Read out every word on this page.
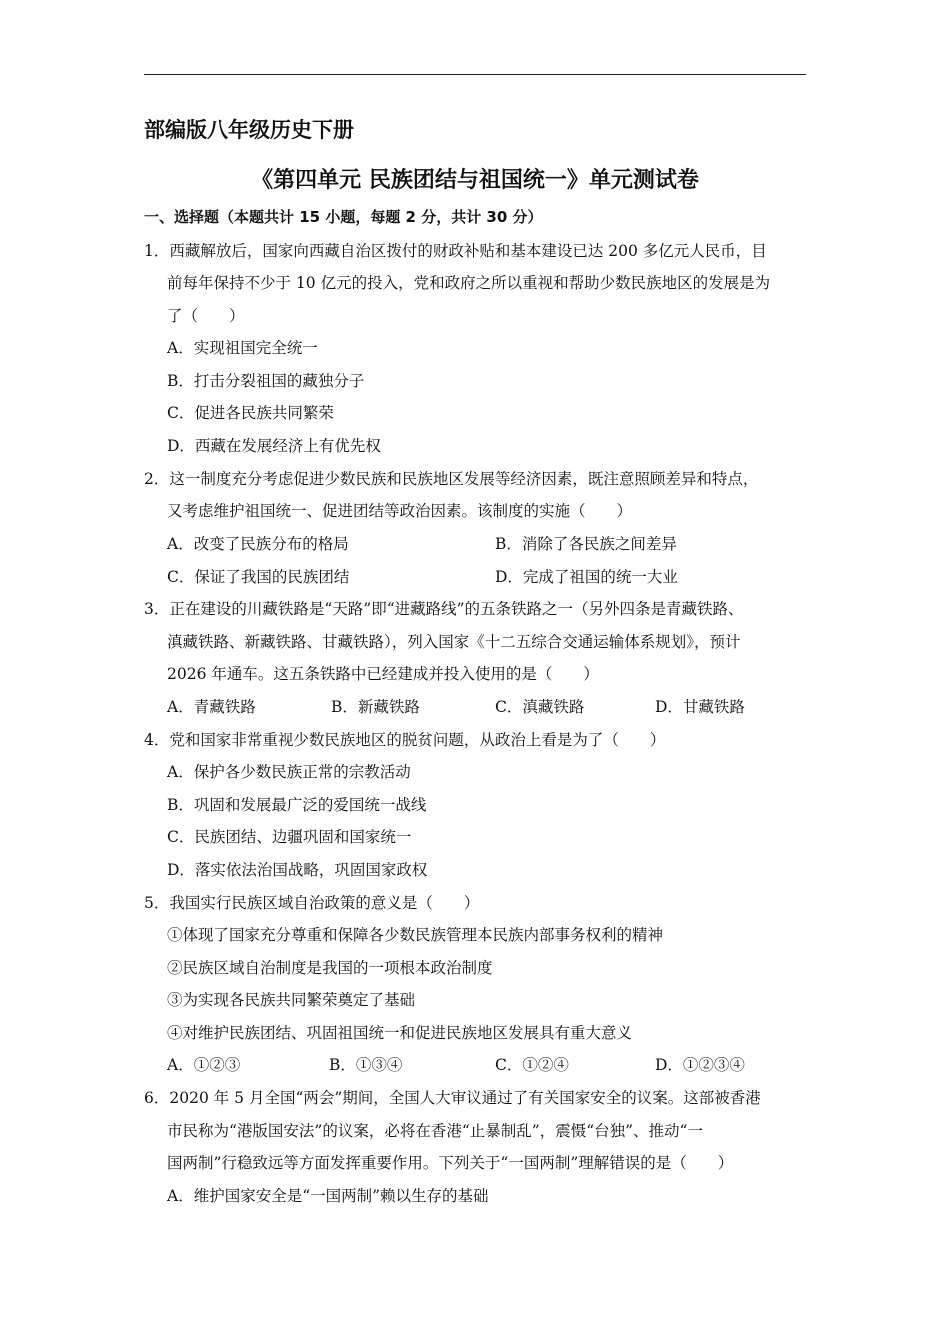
部编版八年级历史下册
《第四单元 民族团结与祖国统一》单元测试卷
一、选择题（本题共计 15 小题，每题 2 分，共计 30 分）
1．西藏解放后，国家向西藏自治区拨付的财政补贴和基本建设已达 200 多亿元人民币，目
前每年保持不少于 10 亿元的投入，党和政府之所以重视和帮助少数民族地区的发展是为
了（　　）
A．实现祖国完全统一
B．打击分裂祖国的藏独分子
C．促进各民族共同繁荣
D．西藏在发展经济上有优先权
2．这一制度充分考虑促进少数民族和民族地区发展等经济因素，既注意照顾差异和特点，
又考虑维护祖国统一、促进团结等政治因素。该制度的实施（　　）
A．改变了民族分布的格局	B．消除了各民族之间差异
C．保证了我国的民族团结	D．完成了祖国的统一大业
3．正在建设的川藏铁路是“天路”即“进藏路线”的五条铁路之一（另外四条是青藏铁路、
滇藏铁路、新藏铁路、甘藏铁路），列入国家《十二五综合交通运输体系规划》，预计
2026 年通车。这五条铁路中已经建成并投入使用的是（　　）
A．青藏铁路	B．新藏铁路	C．滇藏铁路	D．甘藏铁路
4．党和国家非常重视少数民族地区的脱贫问题，从政治上看是为了（　　）
A．保护各少数民族正常的宗教活动
B．巩固和发展最广泛的爱国统一战线
C．民族团结、边疆巩固和国家统一
D．落实依法治国战略，巩固国家政权
5．我国实行民族区域自治政策的意义是（　　）
①体现了国家充分尊重和保障各少数民族管理本民族内部事务权利的精神
②民族区域自治制度是我国的一项根本政治制度
③为实现各民族共同繁荣奠定了基础
④对维护民族团结、巩固祖国统一和促进民族地区发展具有重大意义
A．①②③	B．①③④	C．①②④	D．①②③④
6．2020 年 5 月全国“两会”期间，全国人大审议通过了有关国家安全的议案。这部被香港
市民称为“港版国安法”的议案，必将在香港“止暴制乱”，震慑“台独”、推动“一
国两制”行稳致远等方面发挥重要作用。下列关于“一国两制”理解错误的是（　　）
A．维护国家安全是“一国两制”赖以生存的基础
